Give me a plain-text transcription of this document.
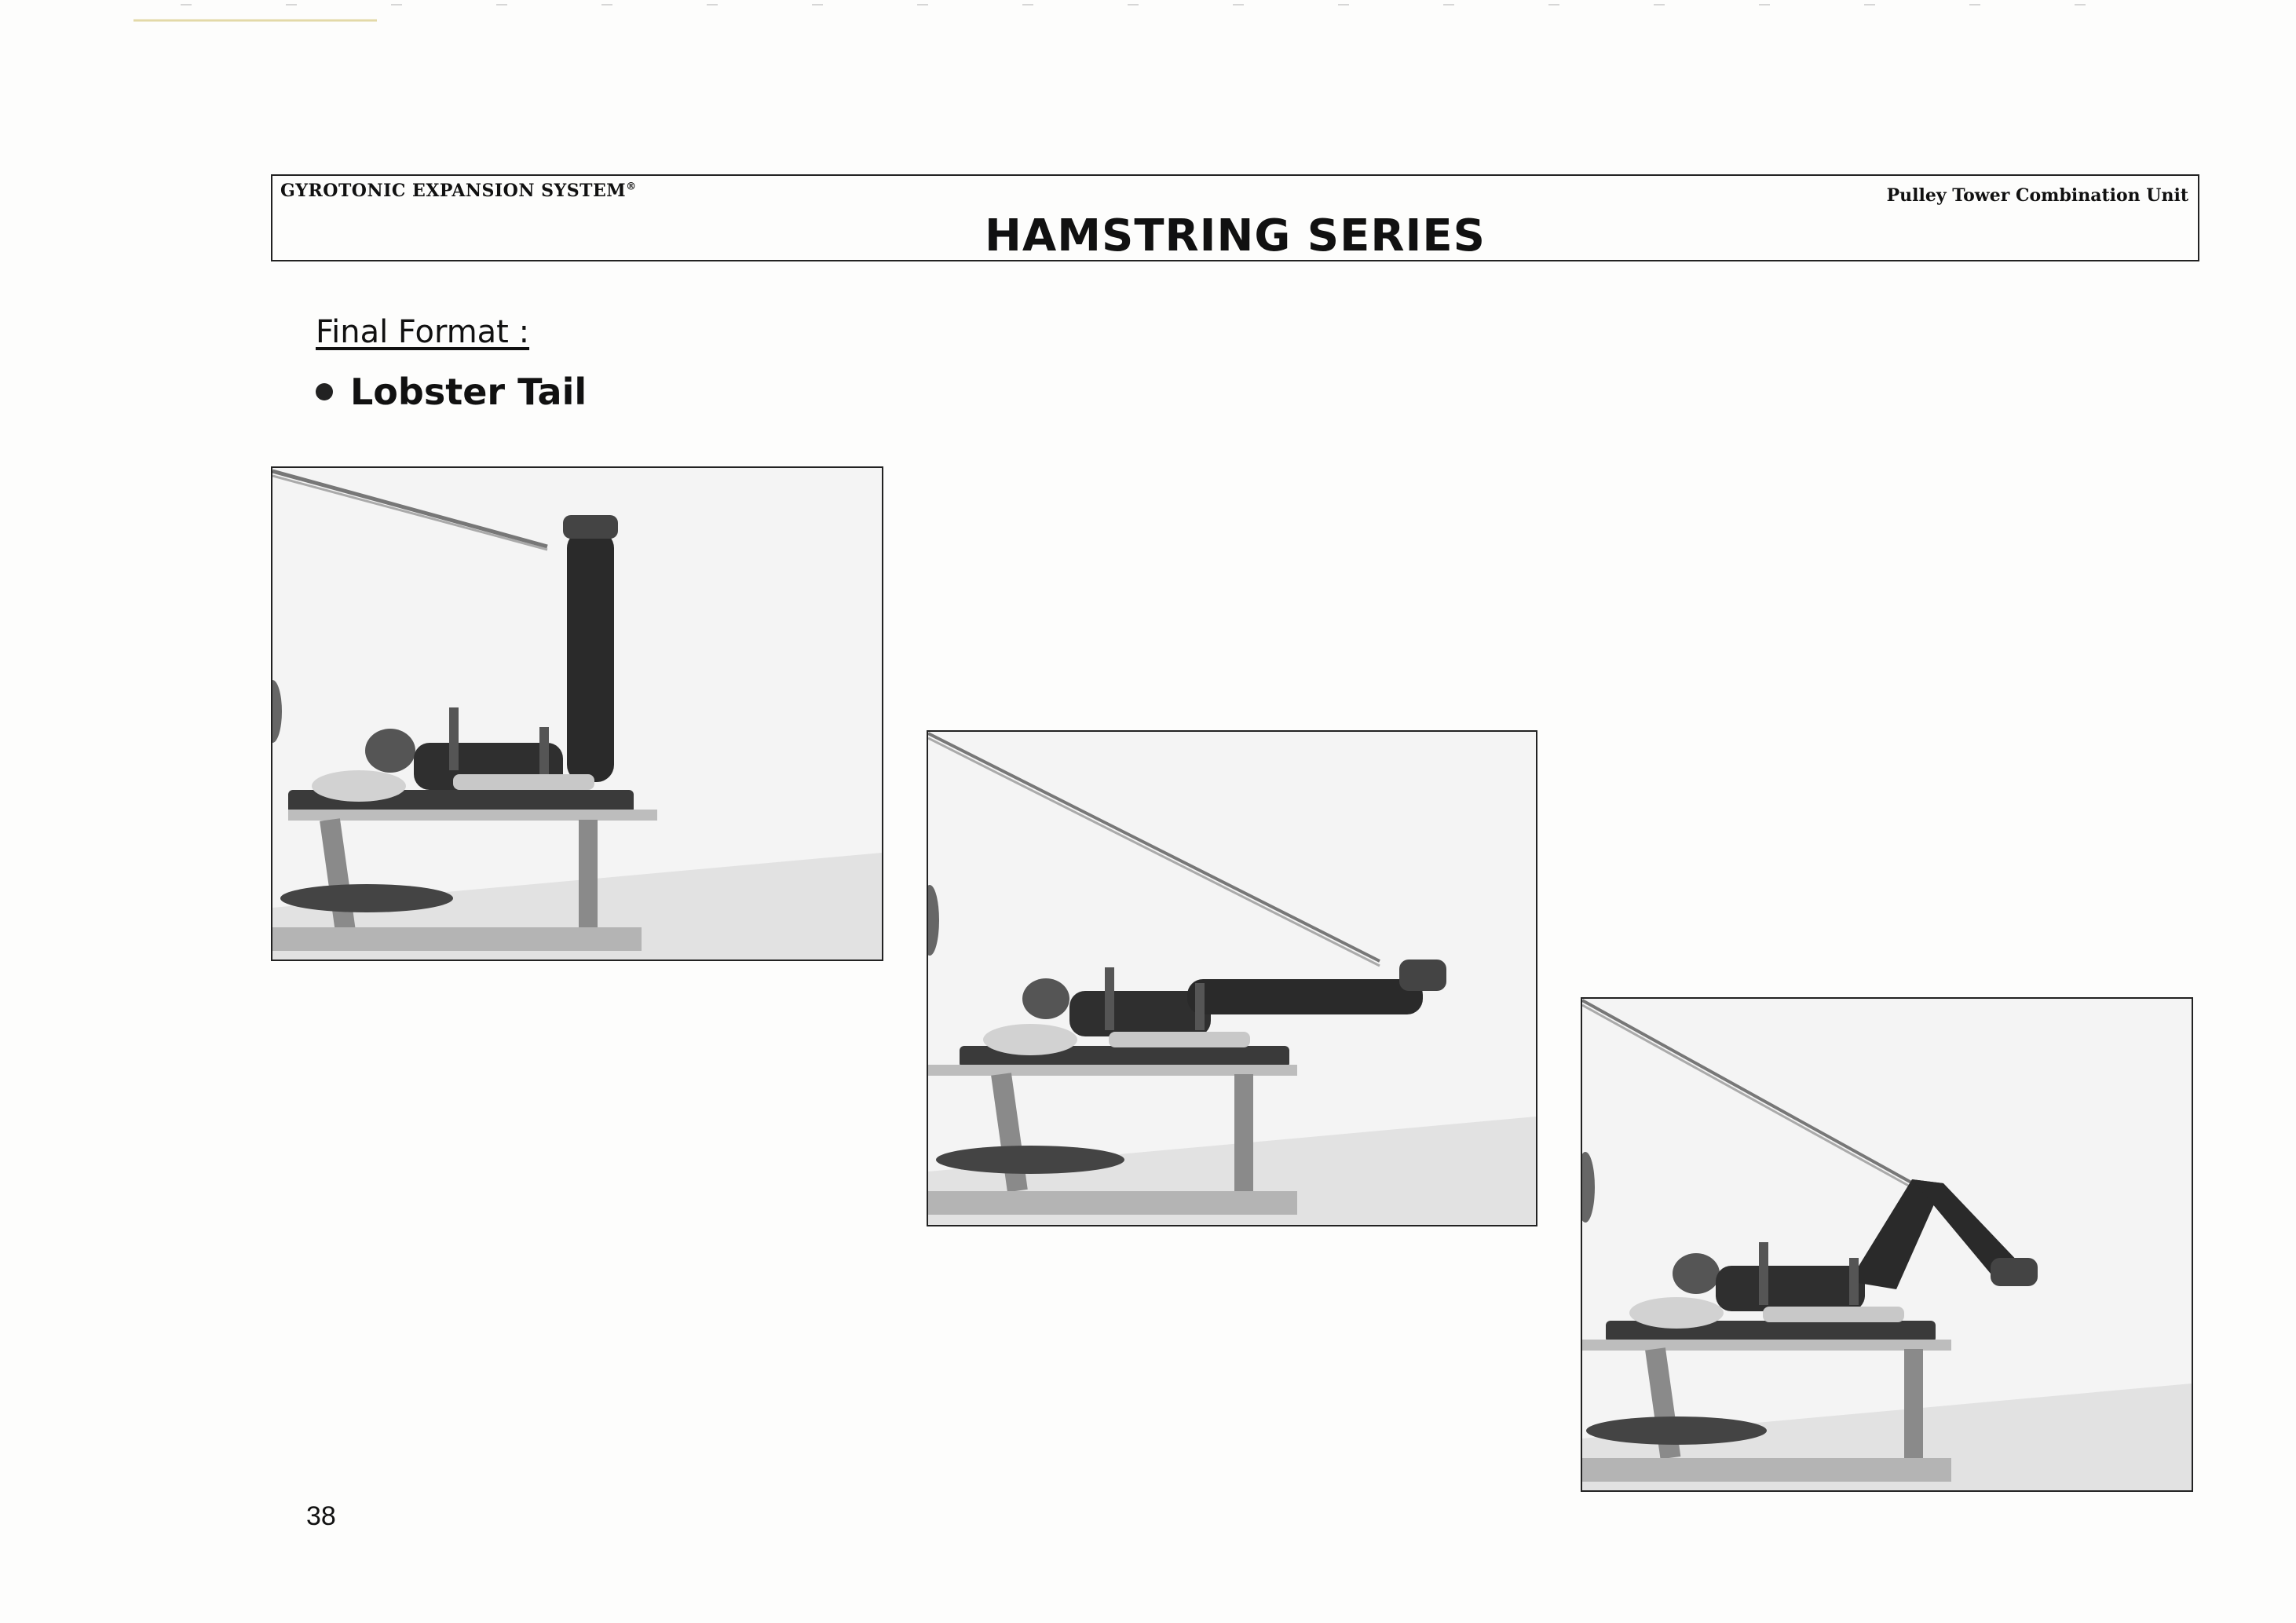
GYROTONIC EXPANSION SYSTEM®	Pulley Tower Combination Unit
HAMSTRING SERIES
Final Format :
Lobster Tail
38
